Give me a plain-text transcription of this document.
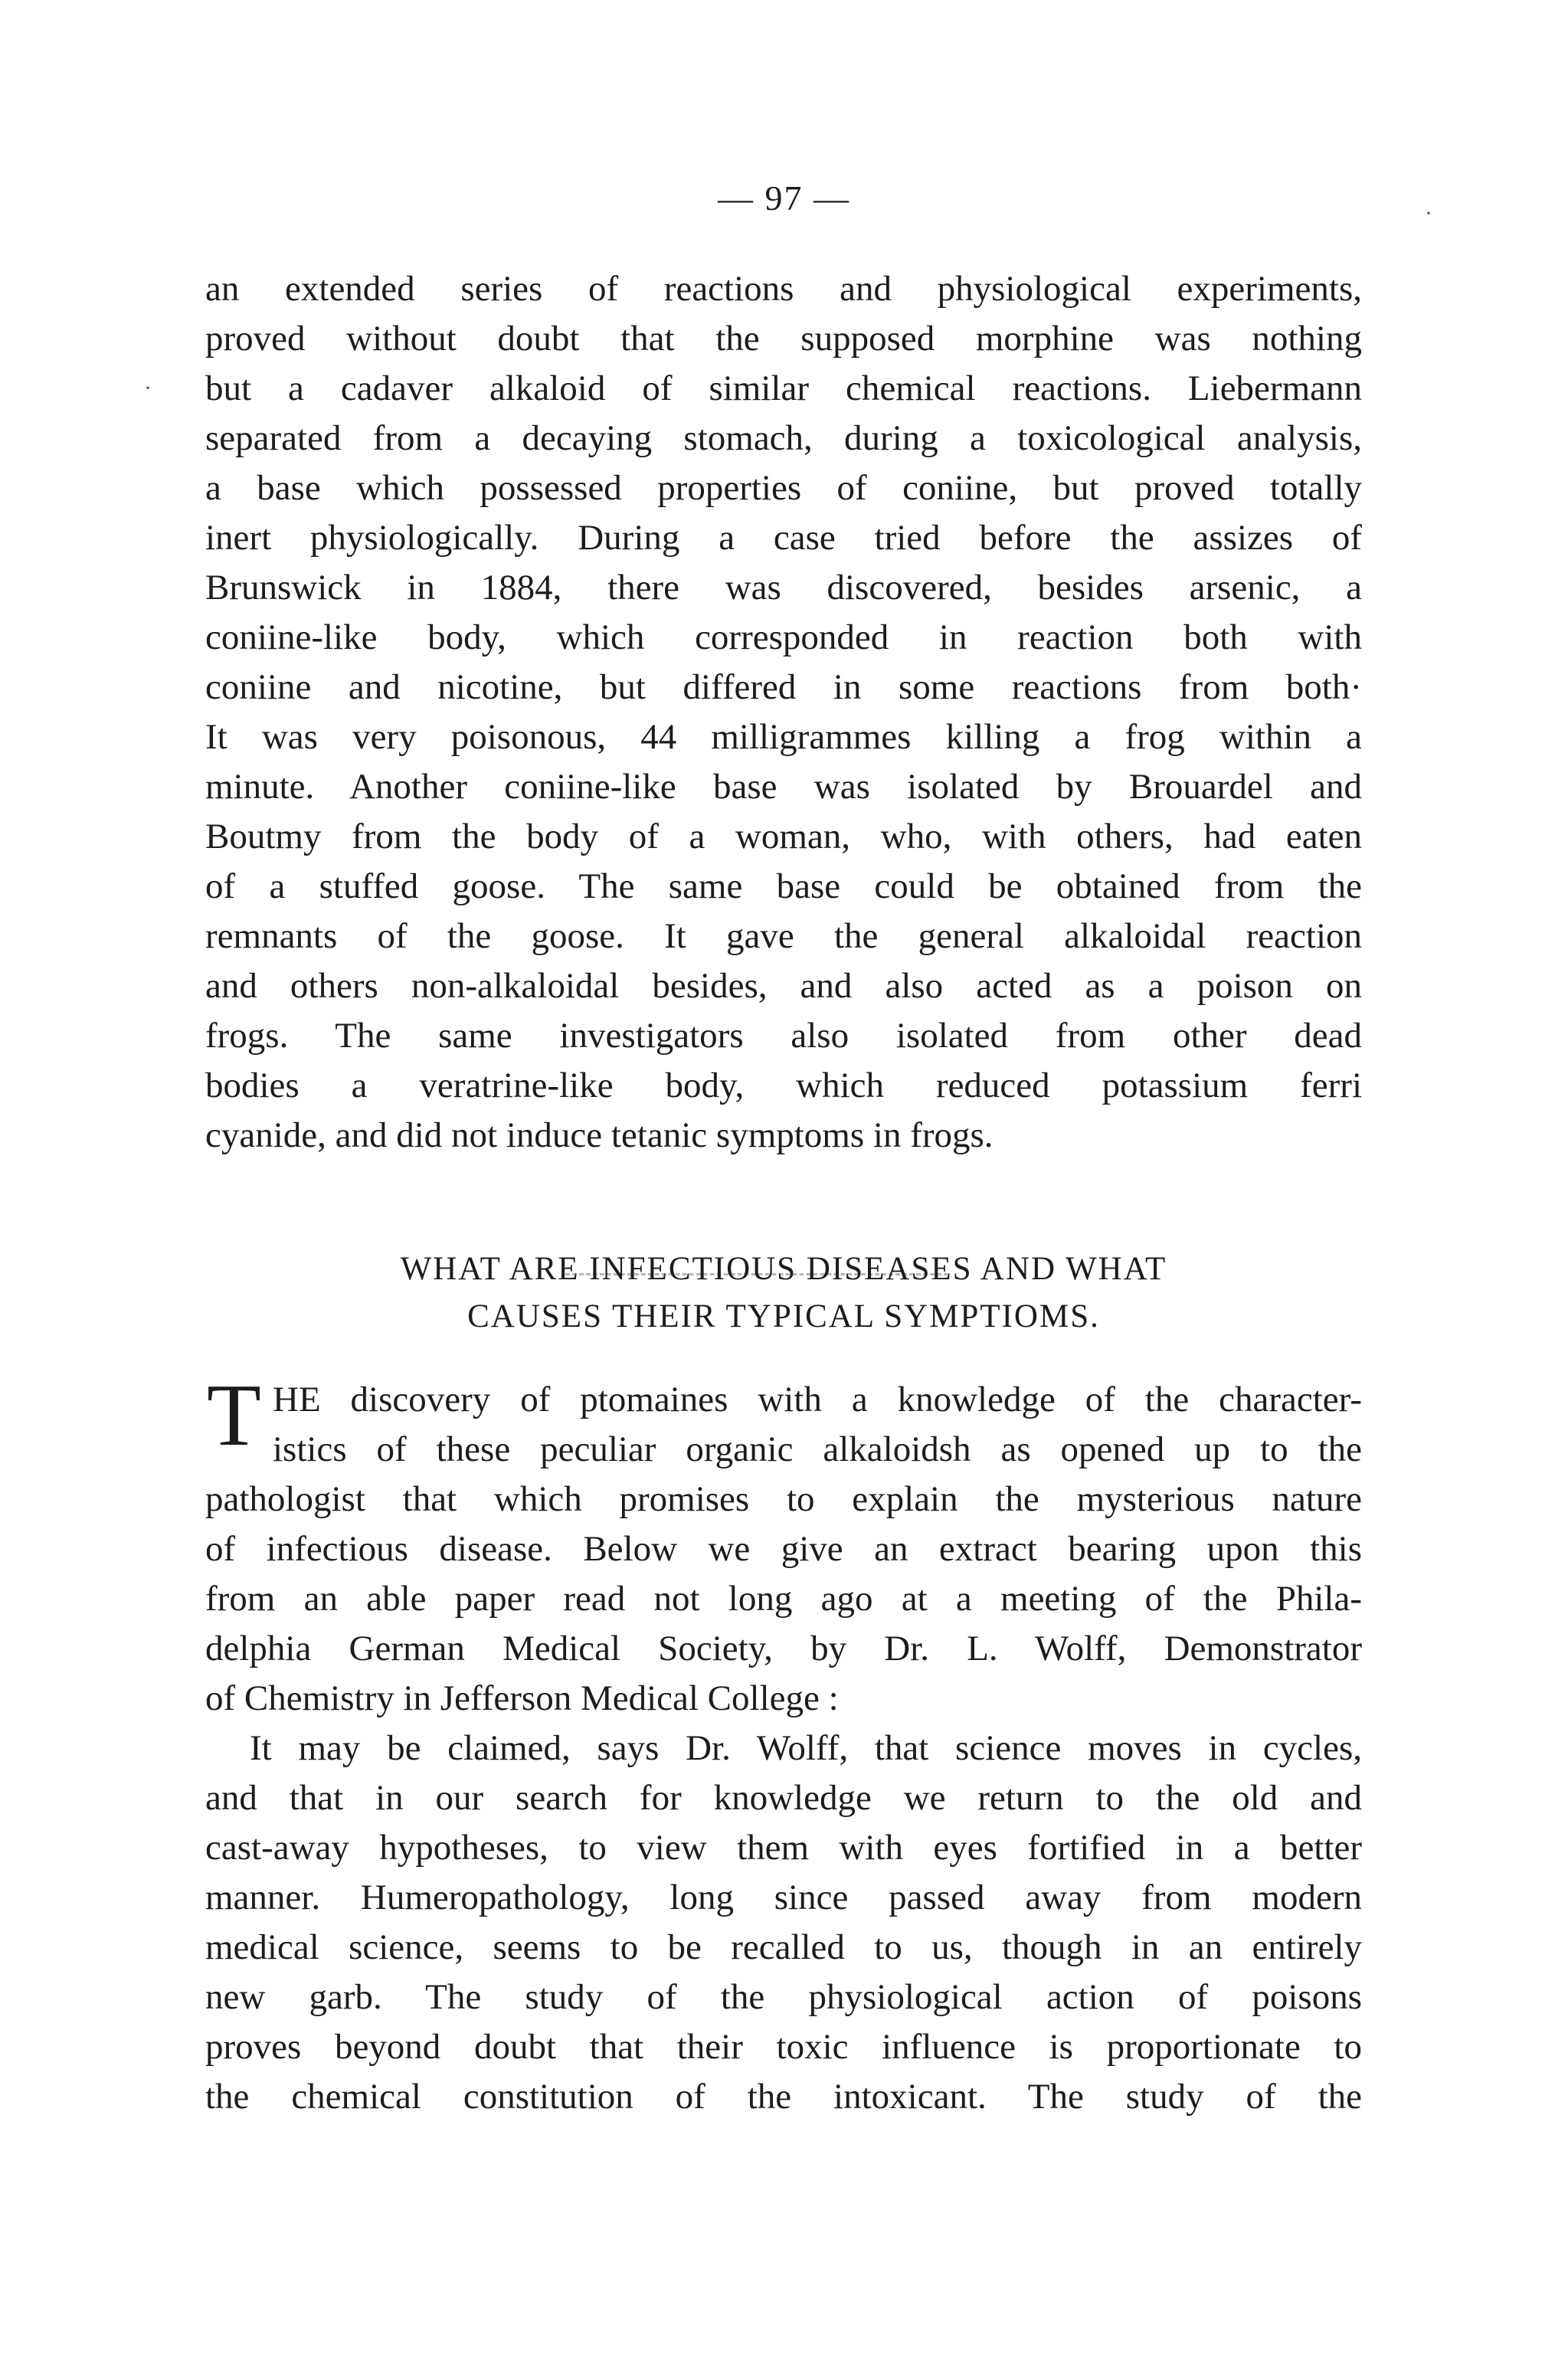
— 97 —	·
·
an extended series of reactions and physiological experiments,
proved without doubt that the supposed morphine was nothing
but a cadaver alkaloid of similar chemical reactions. Liebermann
separated from a decaying stomach, during a toxicological analysis,
a base which possessed properties of coniine, but proved totally
inert physiologically. During a case tried before the assizes of
Brunswick in 1884, there was discovered, besides arsenic, a
coniine-like body, which corresponded in reaction both with
coniine and nicotine, but differed in some reactions from both·
It was very poisonous, 44 milligrammes killing a frog within a
minute. Another coniine-like base was isolated by Brouardel and
Boutmy from the body of a woman, who, with others, had eaten
of a stuffed goose. The same base could be obtained from the
remnants of the goose. It gave the general alkaloidal reaction
and others non-alkaloidal besides, and also acted as a poison on
frogs. The same investigators also isolated from other dead
bodies a veratrine-like body, which reduced potassium ferri
cyanide, and did not induce tetanic symptoms in frogs.
WHAT ARE INFECTIOUS DISEASES AND WHAT
CAUSES THEIR TYPICAL SYMPTIOMS.
T HE discovery of ptomaines with a knowledge of the character-
istics of these peculiar organic alkaloidsh as opened up to the
pathologist that which promises to explain the mysterious nature
of infectious disease. Below we give an extract bearing upon this
from an able paper read not long ago at a meeting of the Phila-
delphia German Medical Society, by Dr. L. Wolff, Demonstrator
of Chemistry in Jefferson Medical College :
It may be claimed, says Dr. Wolff, that science moves in cycles,
and that in our search for knowledge we return to the old and
cast-away hypotheses, to view them with eyes fortified in a better
manner. Humeropathology, long since passed away from modern
medical science, seems to be recalled to us, though in an entirely
new garb. The study of the physiological action of poisons
proves beyond doubt that their toxic influence is proportionate to
the chemical constitution of the intoxicant. The study of the
